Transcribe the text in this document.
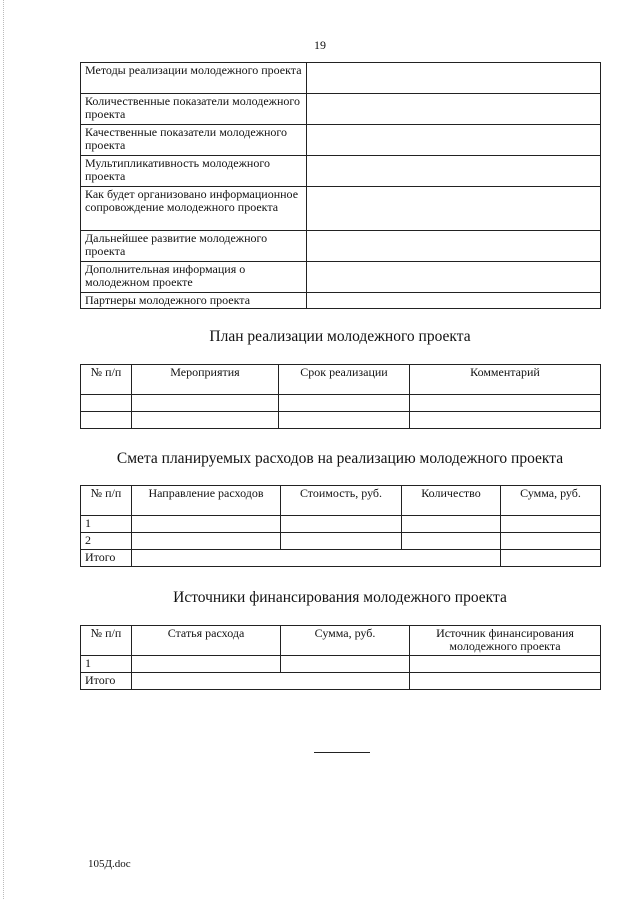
19
Методы реализации молодежного проекта	
Количественные показатели молодежного проекта	
Качественные показатели молодежного проекта	
Мультипликативность молодежного проекта	
Как будет организовано информационное сопровождение молодежного проекта	
Дальнейшее развитие молодежного проекта	
Дополнительная информация о молодежном проекте	
Партнеры молодежного проекта	
План реализации молодежного проекта
№ п/п	Мероприятия	Срок реализации	Комментарий

Смета планируемых расходов на реализацию молодежного проекта
№ п/п	Направление расходов	Стоимость, руб.	Количество	Сумма, руб.
1				
2				
Итого				
Источники финансирования молодежного проекта
№ п/п	Статья расхода	Сумма, руб.	Источник финансирования молодежного проекта
1			
Итого			
105Д.doc
